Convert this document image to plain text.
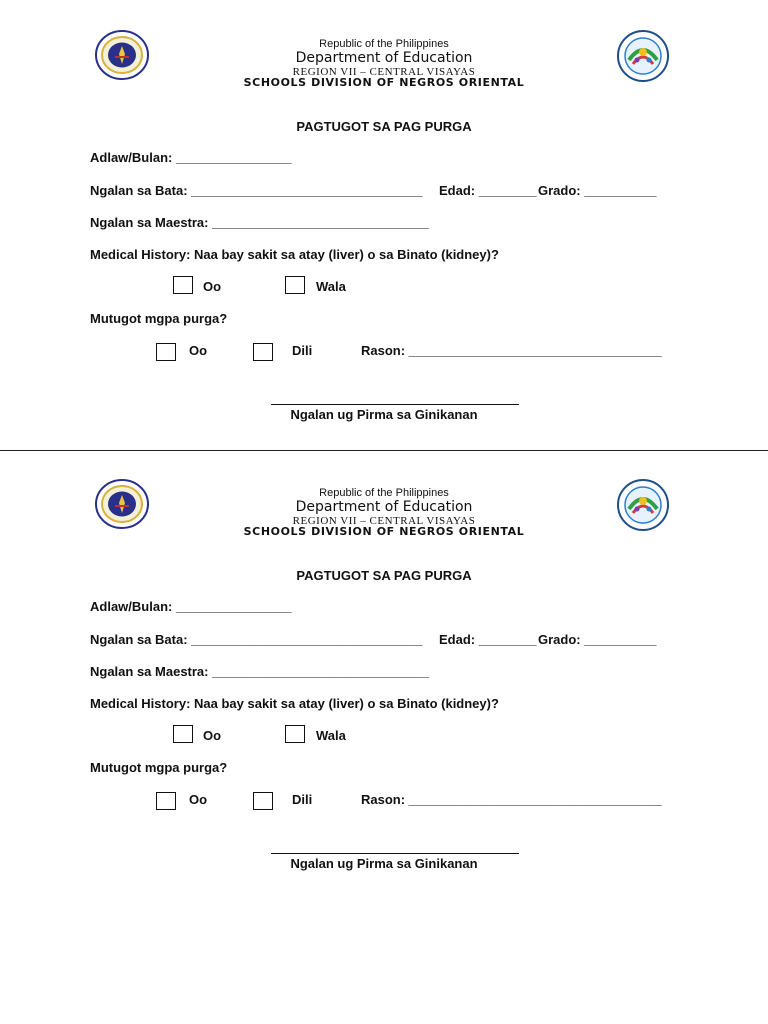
Republic of the Philippines
Department of Education
REGION VII – CENTRAL VISAYAS
SCHOOLS DIVISION OF NEGROS ORIENTAL
PAGTUGOT SA PAG PURGA
Adlaw/Bulan: ________________
Ngalan sa Bata: ________________________________ Edad: ________ Grado: __________
Ngalan sa Maestra: ______________________________
Medical History: Naa bay sakit sa atay (liver) o sa Binato (kidney)?
Oo	Wala
Mutugot mgpa purga?
Oo	Dili	Rason: ___________________________________
Ngalan ug Pirma sa Ginikanan
Republic of the Philippines
Department of Education
REGION VII – CENTRAL VISAYAS
SCHOOLS DIVISION OF NEGROS ORIENTAL
PAGTUGOT SA PAG PURGA
Adlaw/Bulan: ________________
Ngalan sa Bata: ________________________________ Edad: ________ Grado: __________
Ngalan sa Maestra: ______________________________
Medical History: Naa bay sakit sa atay (liver) o sa Binato (kidney)?
Oo	Wala
Mutugot mgpa purga?
Oo	Dili	Rason: ___________________________________
Ngalan ug Pirma sa Ginikanan
